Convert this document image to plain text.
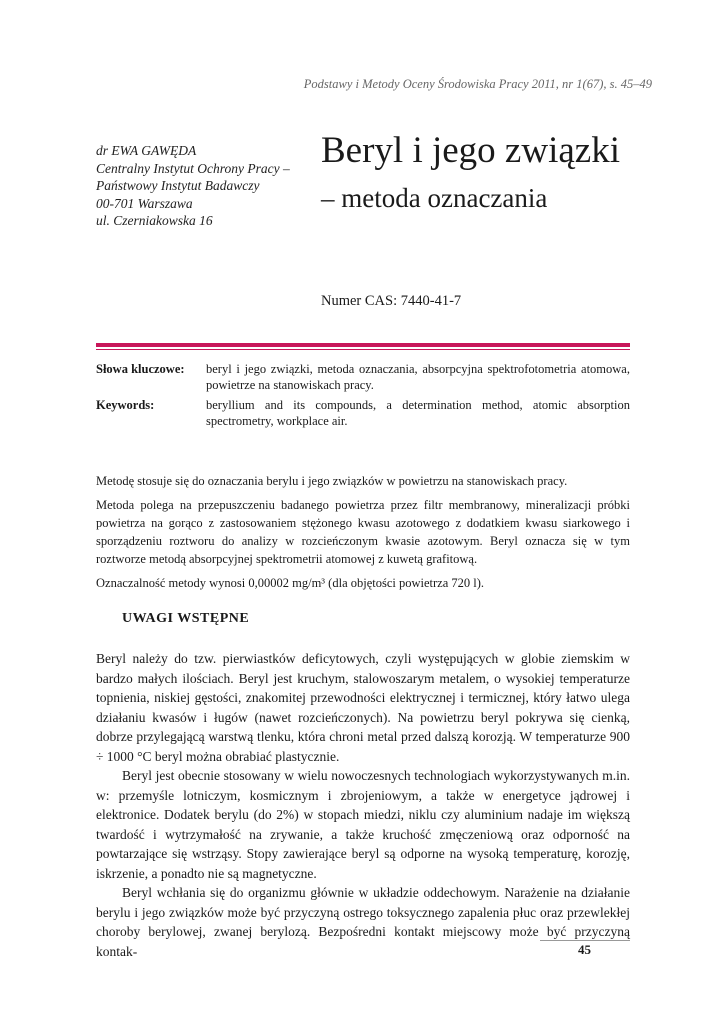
Podstawy i Metody Oceny Środowiska Pracy 2011, nr 1(67), s. 45–49
dr EWA GAWĘDA
Centralny Instytut Ochrony Pracy –
Państwowy Instytut Badawczy
00-701 Warszawa
ul. Czerniakowska 16
Beryl i jego związki
– metoda oznaczania
Numer CAS: 7440-41-7
Słowa kluczowe:	beryl i jego związki, metoda oznaczania, absorpcyjna spektrofotometria atomowa, powietrze na stanowiskach pracy.
Keywords:	beryllium and its compounds, a determination method, atomic absorption spectrometry, workplace air.

Metodę stosuje się do oznaczania berylu i jego związków w powietrzu na stanowiskach pracy.

Metoda polega na przepuszczeniu badanego powietrza przez filtr membranowy, mineralizacji próbki powietrza na gorąco z zastosowaniem stężonego kwasu azotowego z dodatkiem kwasu siarkowego i sporządzeniu roztworu do analizy w rozcieńczonym kwasie azotowym. Beryl oznacza się w tym roztworze metodą absorpcyjnej spektrometrii atomowej z kuwetą grafitową.

Oznaczalność metody wynosi 0,00002 mg/m³ (dla objętości powietrza 720 l).

UWAGI WSTĘPNE

Beryl należy do tzw. pierwiastków deficytowych, czyli występujących w globie ziemskim w bardzo małych ilościach. Beryl jest kruchym, stalowoszarym metalem, o wysokiej temperaturze topnienia, niskiej gęstości, znakomitej przewodności elektrycznej i termicznej, który łatwo ulega działaniu kwasów i ługów (nawet rozcieńczonych). Na powietrzu beryl pokrywa się cienką, dobrze przylegającą warstwą tlenku, która chroni metal przed dalszą korozją. W temperaturze 900 ÷ 1000 °C beryl można obrabiać plastycznie.

Beryl jest obecnie stosowany w wielu nowoczesnych technologiach wykorzystywanych m.in. w: przemyśle lotniczym, kosmicznym i zbrojeniowym, a także w energetyce jądrowej i elektronice. Dodatek berylu (do 2%) w stopach miedzi, niklu czy aluminium nadaje im większą twardość i wytrzymałość na zrywanie, a także kruchość zmęczeniową oraz odporność na powtarzające się wstrząsy. Stopy zawierające beryl są odporne na wysoką temperaturę, korozję, iskrzenie, a ponadto nie są magnetyczne.

Beryl wchłania się do organizmu głównie w układzie oddechowym. Narażenie na działanie berylu i jego związków może być przyczyną ostrego toksycznego zapalenia płuc oraz przewlekłej choroby berylowej, zwanej berylozą. Bezpośredni kontakt miejscowy może być przyczyną kontak-	45
